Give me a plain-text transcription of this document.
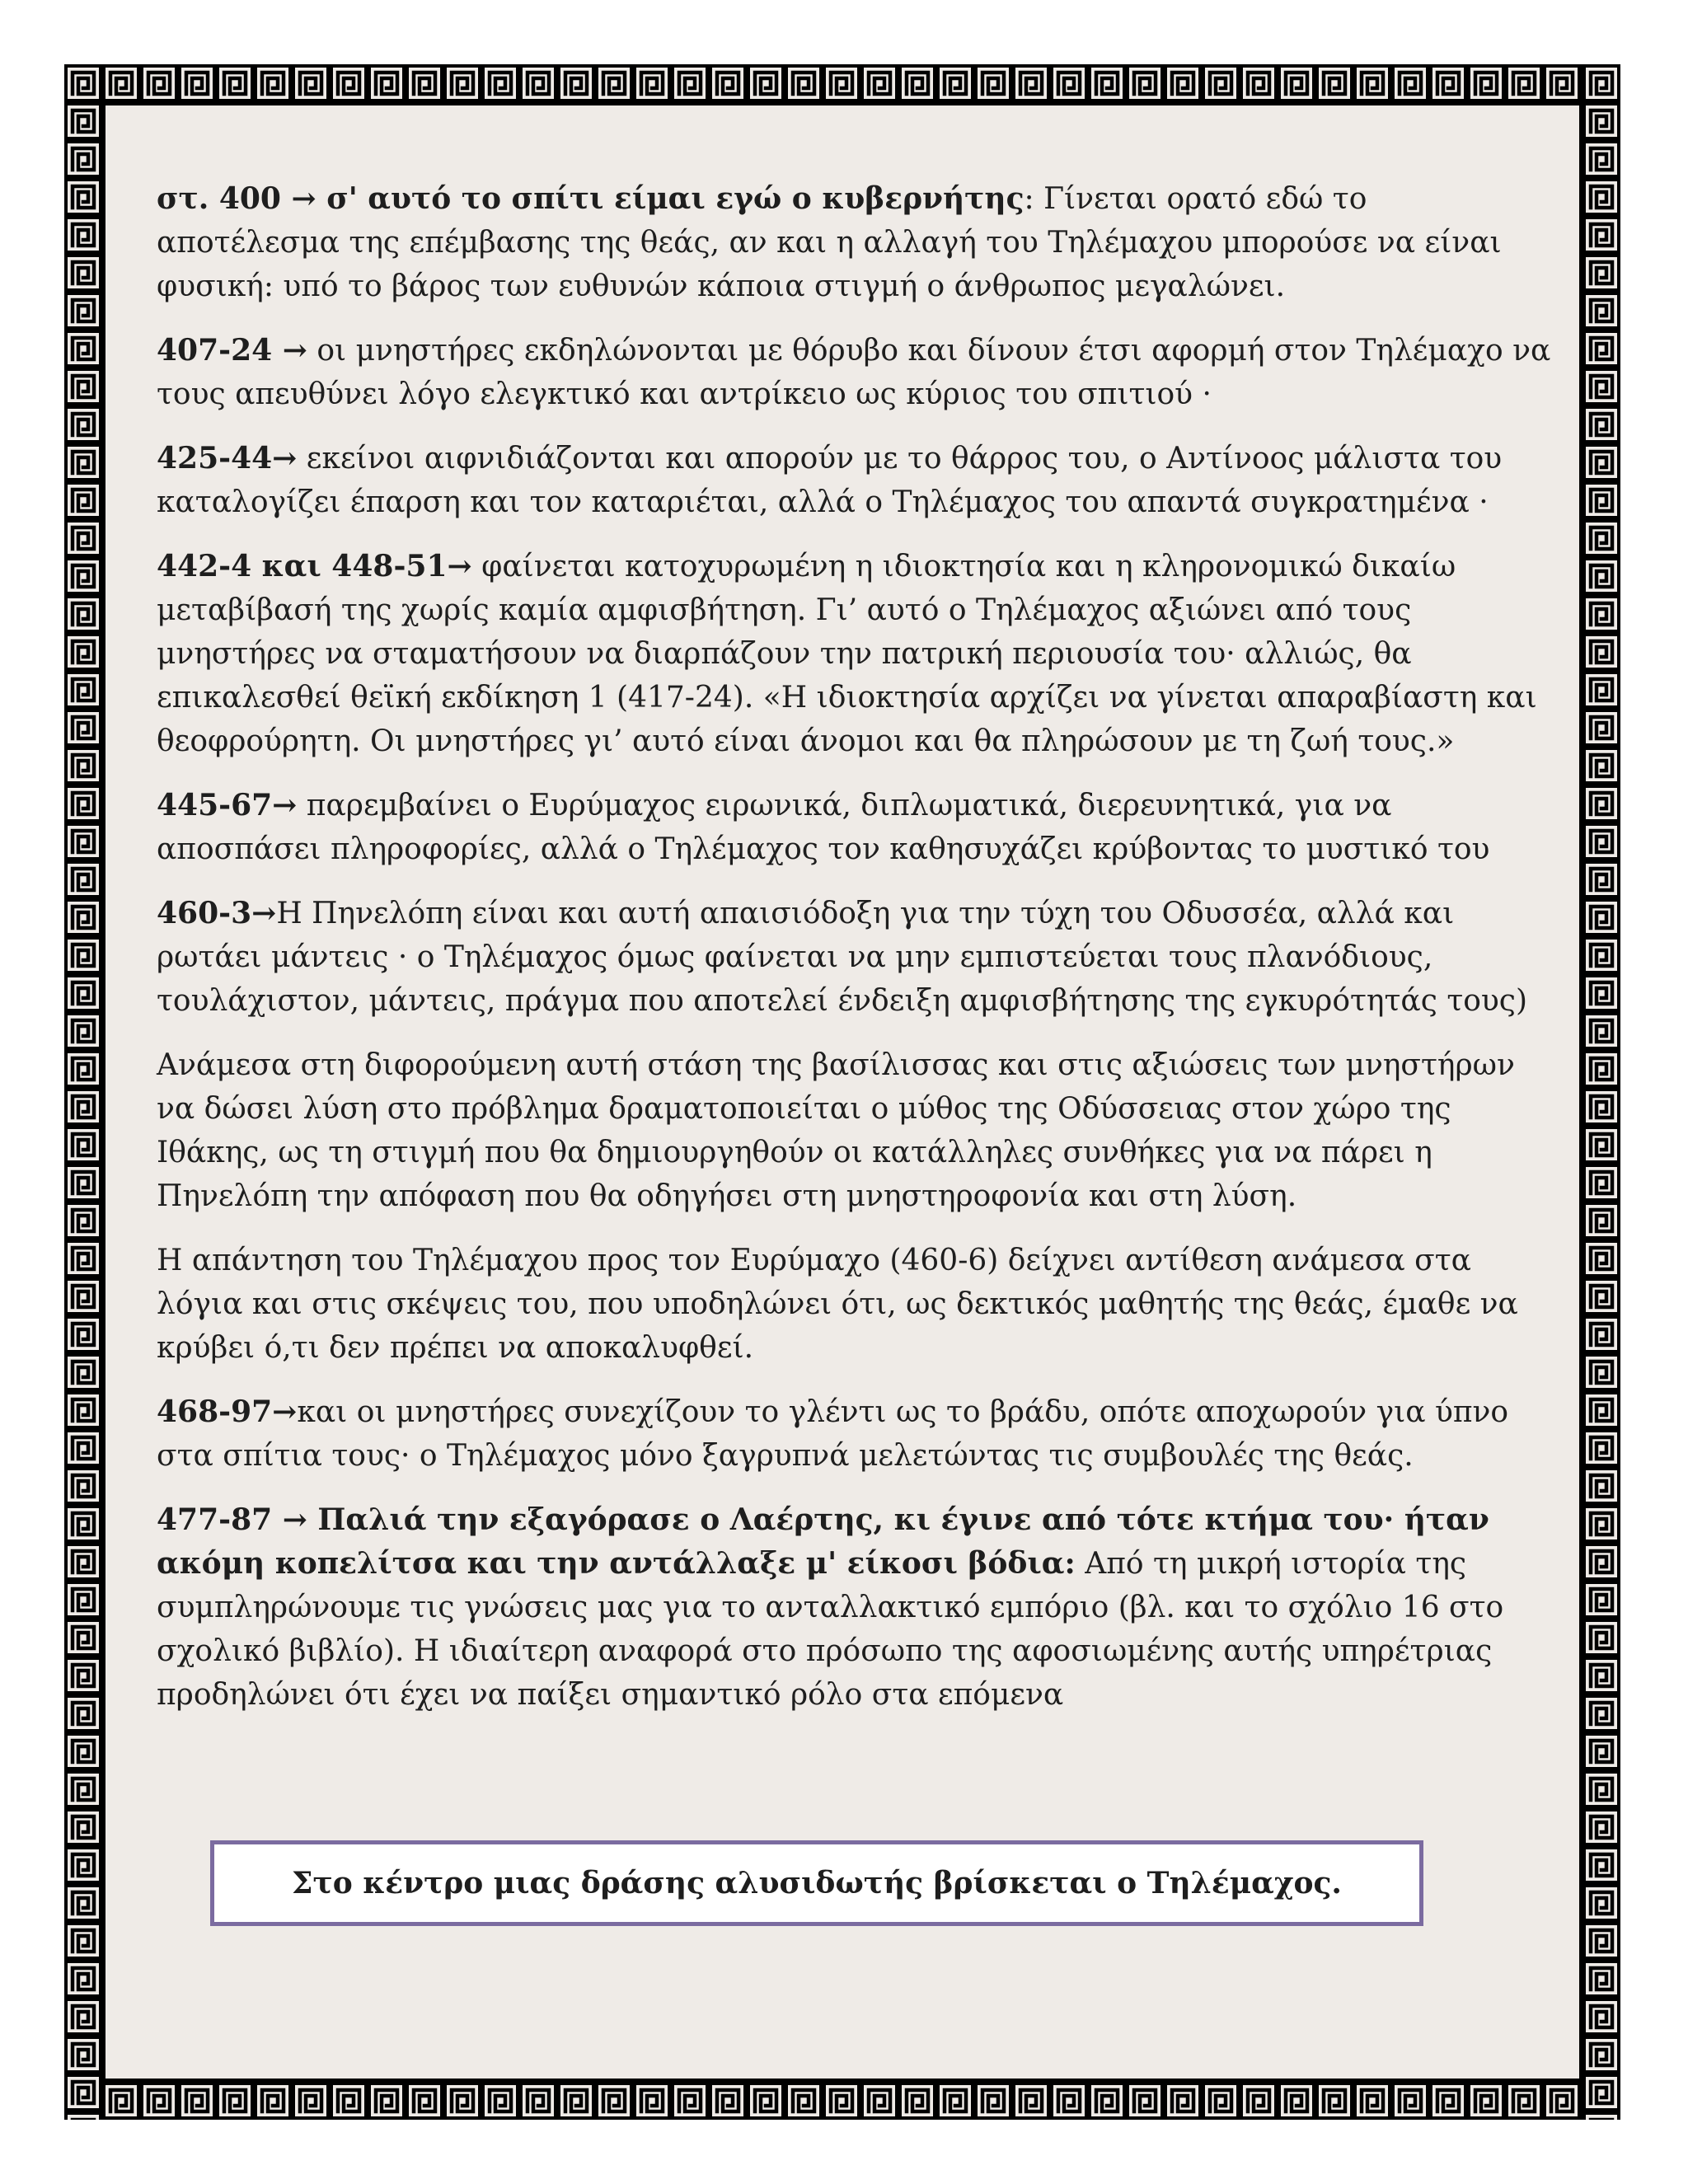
στ. 400 → σ' αυτό το σπίτι είμαι εγώ ο κυβερνήτης: Γίνεται ορατό εδώ το αποτέλεσμα της επέμβασης της θεάς, αν και η αλλαγή του Τηλέμαχου μπορούσε να είναι φυσική: υπό το βάρος των ευθυνών κάποια στιγμή ο άνθρωπος μεγαλώνει.

407-24 → οι μνηστήρες εκδηλώνονται με θόρυβο και δίνουν έτσι αφορμή στον Τηλέμαχο να τους απευθύνει λόγο ελεγκτικό και αντρίκειο ως κύριος του σπιτιού ·

425-44→ εκείνοι αιφνιδιάζονται και απορούν με το θάρρος του, ο Αντίνοος μάλιστα του καταλογίζει έπαρση και τον καταριέται, αλλά ο Τηλέμαχος του απαντά συγκρατημένα ·

442-4 και 448-51→ φαίνεται κατοχυρωμένη η ιδιοκτησία και η κληρονομικώ δικαίω μεταβίβασή της χωρίς καμία αμφισβήτηση. Γι’ αυτό ο Τηλέμαχος αξιώνει από τους μνηστήρες να σταματήσουν να διαρπάζουν την πατρική περιουσία του· αλλιώς, θα επικαλεσθεί θεϊκή εκδίκηση 1 (417-24). «Η ιδιοκτησία αρχίζει να γίνεται απαραβίαστη και θεοφρούρητη. Οι μνηστήρες γι’ αυτό είναι άνομοι και θα πληρώσουν με τη ζωή τους.»

445-67→ παρεμβαίνει ο Ευρύμαχος ειρωνικά, διπλωματικά, διερευνητικά, για να αποσπάσει πληροφορίες, αλλά ο Τηλέμαχος τον καθησυχάζει κρύβοντας το μυστικό του

460-3→Η Πηνελόπη είναι και αυτή απαισιόδοξη για την τύχη του Οδυσσέα, αλλά και ρωτάει μάντεις · ο Τηλέμαχος όμως φαίνεται να μην εμπιστεύεται τους πλανόδιους, τουλάχιστον, μάντεις, πράγμα που αποτελεί ένδειξη αμφισβήτησης της εγκυρότητάς τους)

Ανάμεσα στη διφορούμενη αυτή στάση της βασίλισσας και στις αξιώσεις των μνηστήρων να δώσει λύση στο πρόβλημα δραματοποιείται ο μύθος της Οδύσσειας στον χώρο της Ιθάκης, ως τη στιγμή που θα δημιουργηθούν οι κατάλληλες συνθήκες για να πάρει η Πηνελόπη την απόφαση που θα οδηγήσει στη μνηστηροφονία και στη λύση.

Η απάντηση του Τηλέμαχου προς τον Ευρύμαχο (460-6) δείχνει αντίθεση ανάμεσα στα λόγια και στις σκέψεις του, που υποδηλώνει ότι, ως δεκτικός μαθητής της θεάς, έμαθε να κρύβει ό,τι δεν πρέπει να αποκαλυφθεί.

468-97→και οι μνηστήρες συνεχίζουν το γλέντι ως το βράδυ, οπότε αποχωρούν για ύπνο στα σπίτια τους· ο Τηλέμαχος μόνο ξαγρυπνά μελετώντας τις συμβουλές της θεάς.

477-87 → Παλιά την εξαγόρασε ο Λαέρτης, κι έγινε από τότε κτήμα του· ήταν ακόμη κοπελίτσα και την αντάλλαξε μ' είκοσι βόδια: Από τη μικρή ιστορία της συμπληρώνουμε τις γνώσεις μας για το ανταλλακτικό εμπόριο (βλ. και το σχόλιο 16 στο σχολικό βιβλίο). Η ιδιαίτερη αναφορά στο πρόσωπο της αφοσιωμένης αυτής υπηρέτριας προδηλώνει ότι έχει να παίξει σημαντικό ρόλο στα επόμενα

Στο κέντρο μιας δράσης αλυσιδωτής βρίσκεται ο Τηλέμαχος.
